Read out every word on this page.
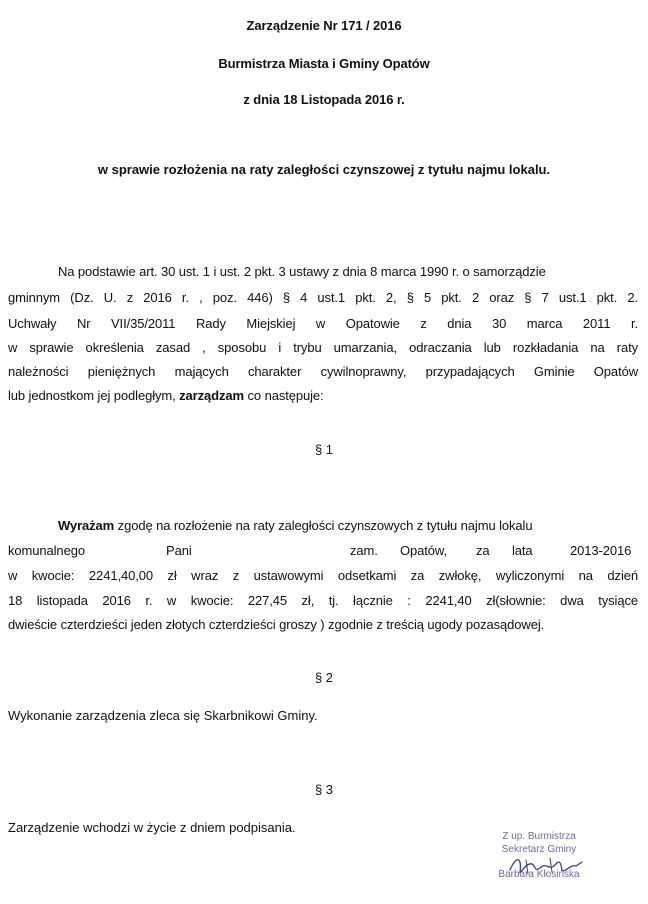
Zarządzenie Nr 171 / 2016
Burmistrza Miasta i Gminy Opatów
z dnia 18 Listopada 2016 r.
w sprawie rozłożenia na raty zaległości czynszowej z tytułu najmu lokalu.
Na podstawie art. 30 ust. 1 i ust. 2 pkt. 3 ustawy z dnia 8 marca 1990 r. o samorządzie
gminnym (Dz. U. z 2016 r. , poz. 446) § 4 ust.1 pkt. 2, § 5 pkt. 2 oraz § 7 ust.1 pkt. 2.
Uchwały Nr VII/35/2011 Rady Miejskiej w Opatowie z dnia 30 marca 2011 r.
w sprawie określenia zasad , sposobu i trybu umarzania, odraczania lub rozkładania na raty
należności pieniężnych mających charakter cywilnoprawny, przypadających Gminie Opatów
lub jednostkom jej podległym, zarządzam co następuje:
§ 1
Wyrażam zgodę na rozłożenie na raty zaległości czynszowych z tytułu najmu lokalu
komunalnego	Pani	zam. Opatów, za lata	2013-2016
w kwocie: 2241,40,00 zł wraz z ustawowymi odsetkami za zwłokę, wyliczonymi na dzień
18 listopada 2016 r. w kwocie: 227,45 zł, tj. łącznie : 2241,40 zł(słownie: dwa tysiące
dwieście czterdzieści jeden złotych czterdzieści groszy ) zgodnie z treścią ugody pozasądowej.
§ 2
Wykonanie zarządzenia zleca się Skarbnikowi Gminy.
§ 3
Zarządzenie wchodzi w życie z dniem podpisania.
Z up. Burmistrza
Sekretarz Gminy
Barbara Kłosińska
